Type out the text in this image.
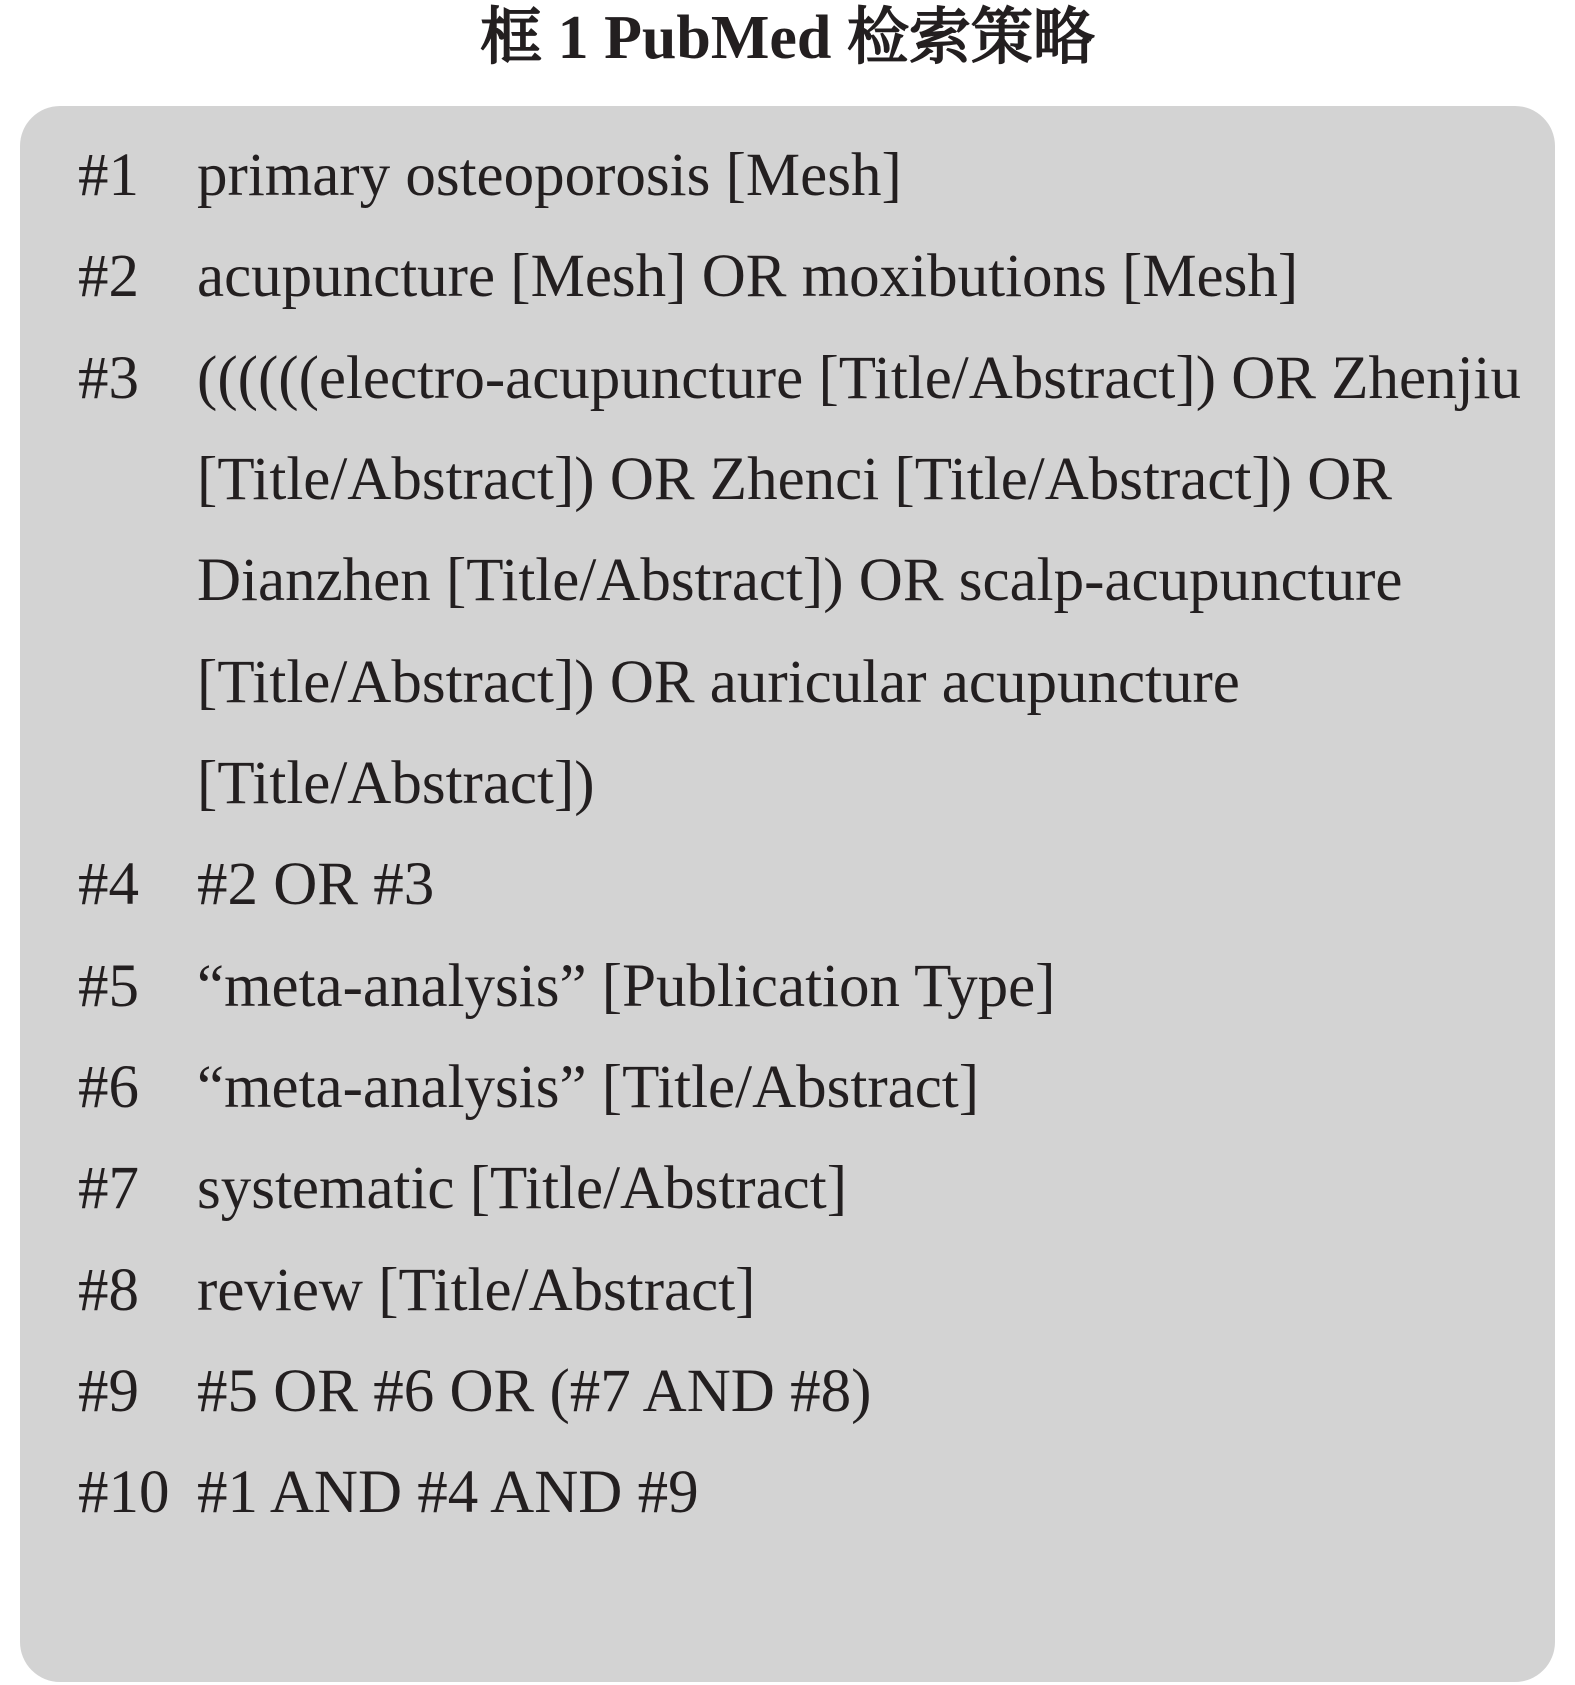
框 1 PubMed 检索策略
#1 primary osteoporosis [Mesh]
#2 acupuncture [Mesh] OR moxibutions [Mesh]
#3 ((((((electro-acupuncture [Title/Abstract]) OR Zhenjiu
[Title/Abstract]) OR Zhenci [Title/Abstract]) OR
Dianzhen [Title/Abstract]) OR scalp-acupuncture
[Title/Abstract]) OR auricular acupuncture
[Title/Abstract])
#4 #2 OR #3
#5 “meta-analysis” [Publication Type]
#6 “meta-analysis” [Title/Abstract]
#7 systematic [Title/Abstract]
#8 review [Title/Abstract]
#9 #5 OR #6 OR (#7 AND #8)
#10 #1 AND #4 AND #9
